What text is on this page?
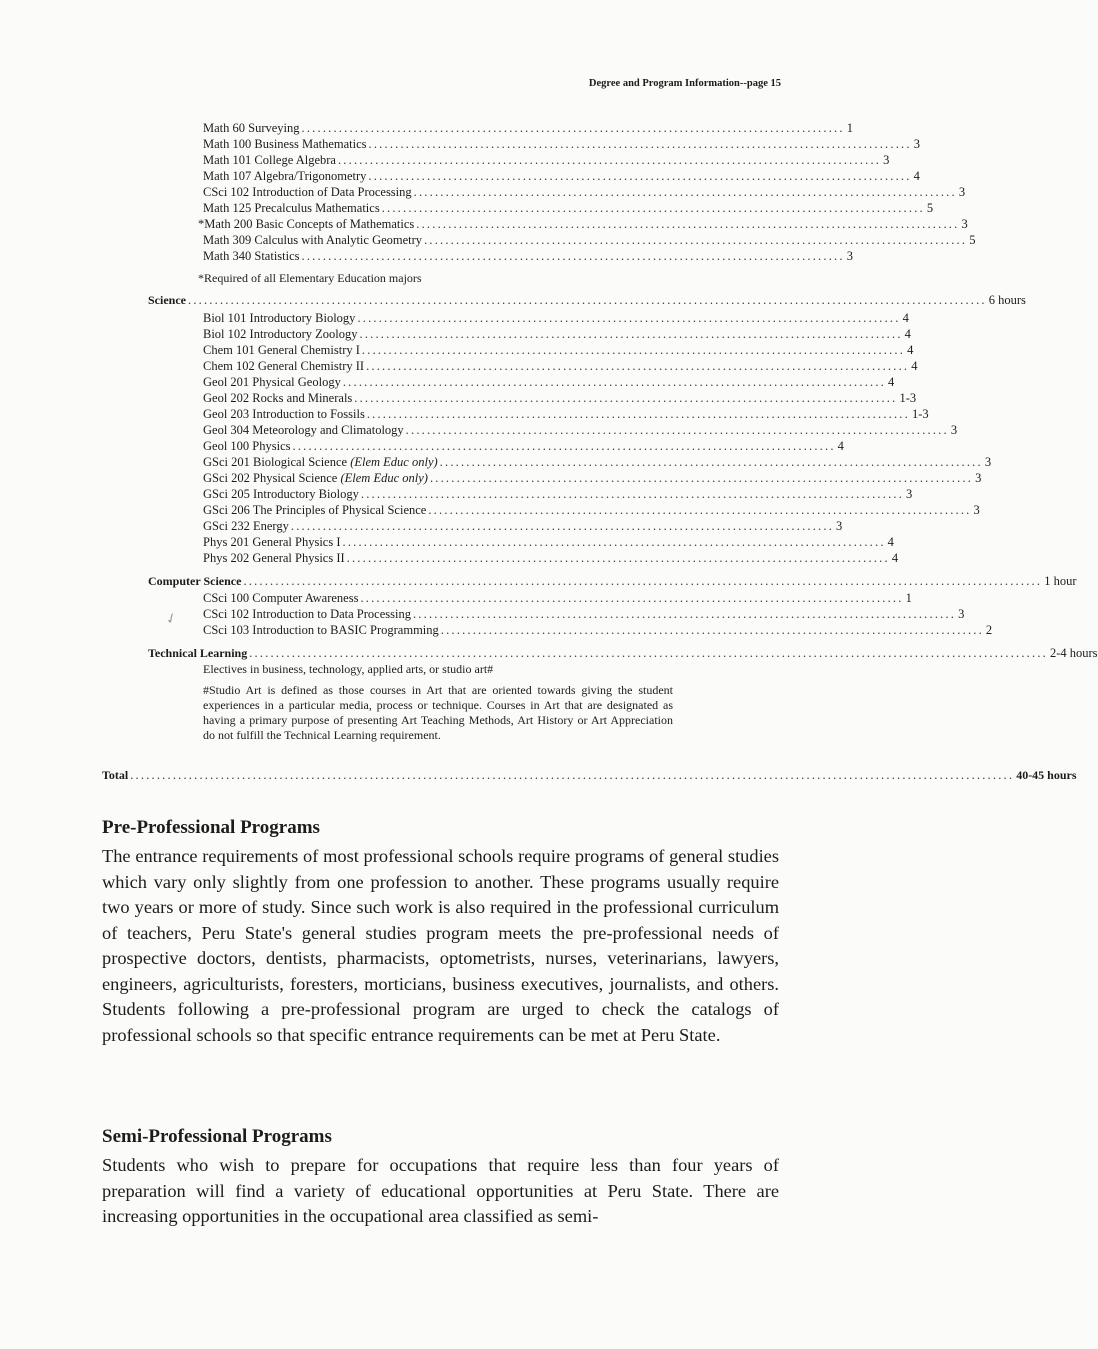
Degree and Program Information--page 15
Math 60 Surveying ...................................................................................................... 1
Math 100 Business Mathematics ...................................................................................................... 3
Math 101 College Algebra ...................................................................................................... 3
Math 107 Algebra/Trigonometry ...................................................................................................... 4
CSci 102 Introduction of Data Processing ...................................................................................................... 3
Math 125 Precalculus Mathematics ...................................................................................................... 5
*Math 200 Basic Concepts of Mathematics ...................................................................................................... 3
Math 309 Calculus with Analytic Geometry ...................................................................................................... 5
Math 340 Statistics ...................................................................................................... 3
*Required of all Elementary Education majors
Science ...................................................................................................................................................... 6 hours
Biol 101 Introductory Biology ...................................................................................................... 4
Biol 102 Introductory Zoology ...................................................................................................... 4
Chem 101 General Chemistry I ...................................................................................................... 4
Chem 102 General Chemistry II ...................................................................................................... 4
Geol 201 Physical Geology ...................................................................................................... 4
Geol 202 Rocks and Minerals ...................................................................................................... 1-3
Geol 203 Introduction to Fossils ...................................................................................................... 1-3
Geol 304 Meteorology and Climatology ...................................................................................................... 3
Geol 100 Physics ...................................................................................................... 4
GSci 201 Biological Science (Elem Educ only) ...................................................................................................... 3
GSci 202 Physical Science (Elem Educ only) ...................................................................................................... 3
GSci 205 Introductory Biology ...................................................................................................... 3
GSci 206 The Principles of Physical Science ...................................................................................................... 3
GSci 232 Energy ...................................................................................................... 3
Phys 201 General Physics I ...................................................................................................... 4
Phys 202 General Physics II ...................................................................................................... 4
Computer Science ...................................................................................................................................................... 1 hour
CSci 100 Computer Awareness ...................................................................................................... 1
CSci 102 Introduction to Data Processing ...................................................................................................... 3
CSci 103 Introduction to BASIC Programming ...................................................................................................... 2
✓
Technical Learning ...................................................................................................................................................... 2-4 hours
Electives in business, technology, applied arts, or studio art#
#Studio Art is defined as those courses in Art that are oriented towards giving the student experiences in a particular media, process or technique. Courses in Art that are designated as having a primary purpose of presenting Art Teaching Methods, Art History or Art Appreciation do not fulfill the Technical Learning requirement.
Total ...................................................................................................................................................................... 40-45 hours
Pre-Professional Programs

The entrance requirements of most professional schools require programs of general studies which vary only slightly from one profession to another. These programs usually require two years or more of study. Since such work is also required in the professional curriculum of teachers, Peru State's general studies program meets the pre-professional needs of prospective doctors, dentists, pharmacists, optometrists, nurses, veterinarians, lawyers, engineers, agriculturists, foresters, morticians, business executives, journalists, and others. Students following a pre-professional program are urged to check the catalogs of professional schools so that specific entrance requirements can be met at Peru State.

Semi-Professional Programs

Students who wish to prepare for occupations that require less than four years of preparation will find a variety of educational opportunities at Peru State. There are increasing opportunities in the occupational area classified as semi-
